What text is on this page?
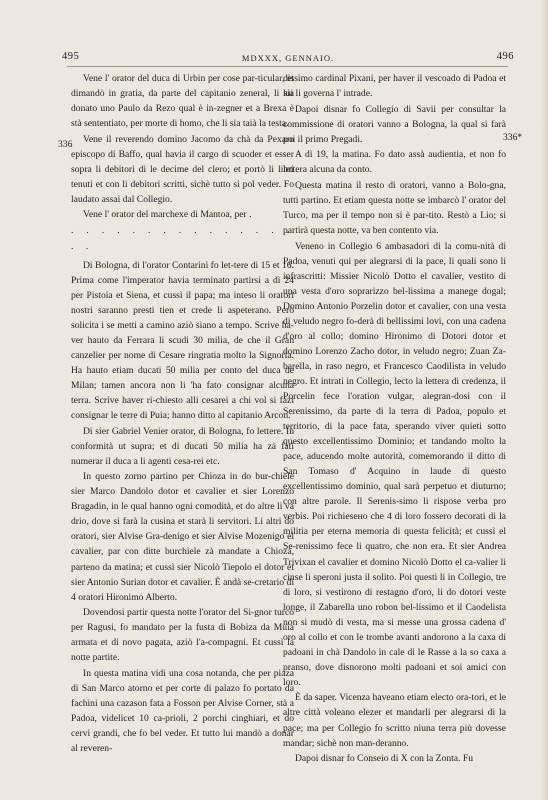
495	MDXXX, GENNAIO.	496
336
336*

Vene l' orator del duca di Urbin per cose par-ticular, et dimandò in gratia, da parte del capitanio zeneral, li sia donato uno Paulo da Rezo qual è in-zegner et a Brexa è stà sententiato, per morte di homo, che li sia taià la testa.

Vene il reverendo domino Jacomo da chà da Pexaro episcopo di Baffo, qual havia il cargo di scuoder et esser sopra li debitori di le decime del clero; et portò li libri tenuti et con li debitori scritti, sichè tutto si pol veder. Fo laudato assai dal Collegio.

Vene l' orator del marchexe di Mantoa, per .

. . . . . . . . . . . . . . . . .

Di Bologna, di l'orator Contarini fo let-tere di 15 et 16. Prima come l'imperator havia terminato partirsi a dì 24 per Pistoia et Siena, et cussì il papa; ma inteso li oratori nostri saranno presti tien et crede li aspeterano. Però solicita i se metti a camino aziò siano a tempo. Scrive ha-ver hauto da Ferrara li scudi 30 milia, de che il Gran canzelier per nome di Cesare ringratia molto la Signoria. Ha hauto etiam ducati 50 milia per conto del duca de Milan; tamen ancora non li 'ha fato consignar alcuna terra. Scrive haver ri-chiesto alli cesarei a chi vol si fazi consignar le terre di Puia; hanno ditto al capitanio Arcon.

Di sier Gabriel Venier orator, di Bologna, fo lettere. In conformità ut supra; et di ducati 50 milia ha zà fati numerar il duca a li agenti cesa-rei etc.

In questo zorno partino per Chioza in do bur-chiele sier Marco Dandolo dotor et cavalier et sier Lorenzo Bragadin, in le qual hanno ogni comodità, et do altre li va drio, dove si farà la cusina et starà li servitori. Li altri do oratori, sier Alvise Gra-denigo et sier Alvise Mozenigo el cavalier, par con ditte burchiele zà mandate a Chioza, parteno da matina; et cussì sier Nicolò Tiepolo el dotor et sier Antonio Surian dotor et cavalier. È andà se-cretario di 4 oratori Hironimo Alberto.

Dovendosi partir questa notte l'orator del Si-gnor turco per Ragusi, fo mandato per la fusta di Bobiza da Muia armata et di novo pagata, aziò l'a-compagni. Et cussì la notte partite.

In questa matina vidi una cosa notanda, che per piaza di San Marco atorno et per corte di palazo fo portato da fachini una cazason fata a Fosson per Alvise Corner, stà a Padoa, videlicet 10 ca-prioli, 2 porchi cinghiari, et do cervi grandi, che fo bel veder. Et tutto lui mandò a donar al reveren-

dissimo cardinal Pixani, per haver il vescoado di Padoa et lui li governa l' intrade.

Dapoi disnar fo Collegio di Savii per consultar la commissione di oratori vanno a Bologna, la qual si farà poi il primo Pregadi.

A dì 19, la matina. Fo dato assà audientia, et non fo lettera alcuna da conto.

Questa matina il resto di oratori, vanno a Bolo-gna, tutti partino. Et etiam questa notte se imbarcò l' orator del Turco, ma per il tempo non si è par-tito. Restò a Lio; si partirà questa notte, va ben contento via.

Veneno in Collegio 6 ambasadori di la comu-nità di Padoa, venuti qui per alegrarsi di la pace, li quali sono li infrascritti: Missier Nicolò Dotto el cavalier, vestito di una vesta d'oro soprarizzo bel-lissima a manege dogal; Domino Antonio Porzelin dotor et cavalier, con una vesta di veludo negro fo-derà di bellissimi lovi, con una cadena d'oro al collo; domino Hironimo di Dotori dotor et domino Lorenzo Zacho dotor, in veludo negro; Zuan Za-barella, in raso negro, et Francesco Caodilista in veludo negro. Et intrati in Collegio, lecto la lettera di credenza, il Porcelin fece l'oration vulgar, alegran-dosi con il Serenissimo, da parte di la terra di Padoa, populo et territorio, di la pace fata, sperando viver quieti sotto questo excellentissimo Dominio; et tandando molto la pace, aducendo molte autorità, comemorando il ditto di San Tomaso d' Acquino in laude di questo excellentissimo dominio, qual sarà perpetuo et diuturno; con altre parole. Il Serenis-simo li rispose verba pro verbis. Poi richiesено che 4 di loro fossero decorati di la militia per eterna memoria di questa felicità; et cussì el Se-renissimo fece li quatro, che non era. Et sier Andrea Trivixan el cavalier et domino Nicolò Dotto el ca-valier li cinse li speroni justa il solito. Poi questi li in Collegio, tre di loro, si vestirono di restagno d'oro, li do dotori veste longe, il Zabarella uno robon bel-lissimo et il Caodelista non si mudò di vesta, ma si messe una grossa cadena d' oro al collo et con le trombe avanti andorono a la caxa di padoani in chà Dandolo in cale di le Rasse a la so caxa a pranso, dove disnorono molti padoani et soi amici con loro.

È da saper. Vicenza haveano etiam electo ora-tori, et le altre città voleano elezer et mandarli per alegrarsi di la pace; ma per Collegio fo scritto niuna terra più dovesse mandar; sichè non man-deranno.

Dapoi disnar fo Conseio di X con la Zonta. Fu
